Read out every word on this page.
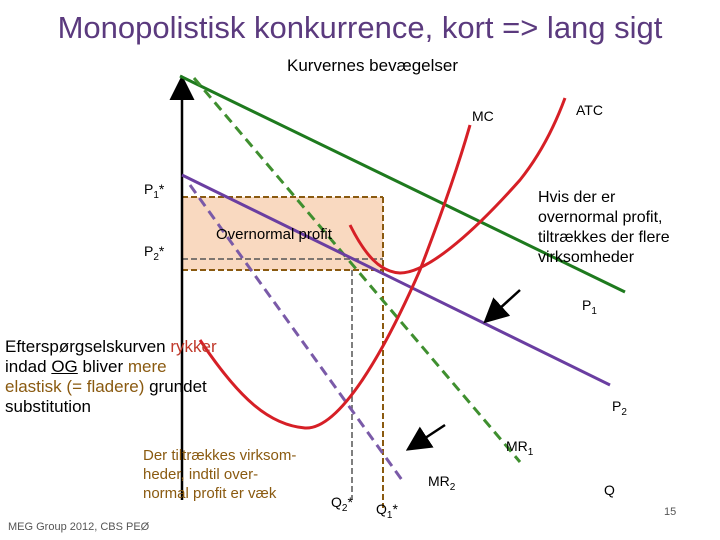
Monopolistisk konkurrence, kort => lang sigt
Kurvernes bevægelser
MC	ATC
$P_1*$
$P_2*$
Overnormal profit
$P_1$
$P_2$
$MR_1$
$MR_2$	Q
$Q_1*$
$Q_2*$
Hvis der er
overnormal profit,
tiltrækkes der flere
virksomheder
Efterspørgselskurven rykker
indad OG bliver mere
elastisk (= fladere) grundet
substitution
Der tiltrækkes virksom-
heder, indtil over-
normal profit er væk
MEG Group 2012, CBS PEØ
15
